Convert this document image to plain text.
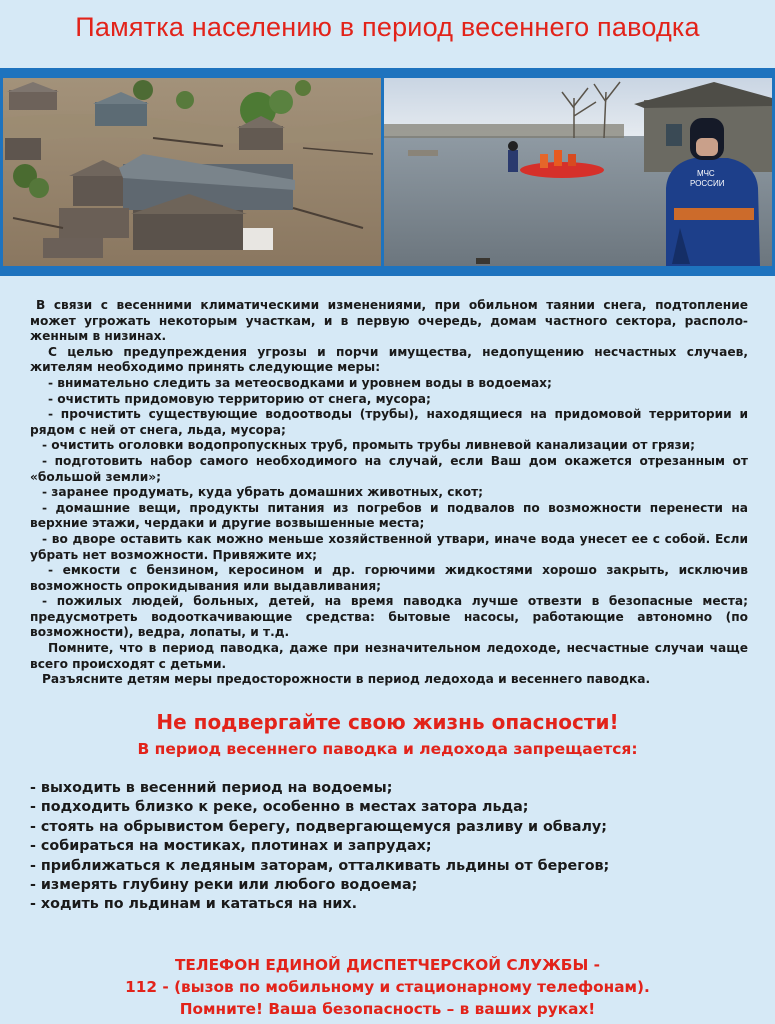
Памятка населению в период весеннего паводка
МЧС
РОССИИ

В связи с весенними климатическими изменениями, при обильном таянии снега, подтопление может угрожать некоторым участкам, и в первую очередь, домам частного сектора, располо-женным в низинах.

С целью предупреждения угрозы и порчи имущества, недопущению несчастных случаев, жителям необходимо принять следующие меры:

- внимательно следить за метеосводками и уровнем воды в водоемах;

- очистить придомовую территорию от снега, мусора;

- прочистить существующие водоотводы (трубы), находящиеся на придомовой территории и рядом с ней от снега, льда, мусора;

- очистить оголовки водопропускных труб, промыть трубы ливневой канализации от грязи;

- подготовить набор самого необходимого на случай, если Ваш дом окажется отрезанным от «большой земли»;

- заранее продумать, куда убрать домашних животных, скот;

- домашние вещи, продукты питания из погребов и подвалов по возможности перенести на верхние этажи, чердаки и другие возвышенные места;

- во дворе оставить как можно меньше хозяйственной утвари, иначе вода унесет ее с собой. Если убрать нет возможности. Привяжите их;

- емкости с бензином, керосином и др. горючими жидкостями хорошо закрыть, исключив возможность опрокидывания или выдавливания;

- пожилых людей, больных, детей, на время паводка лучше отвезти в безопасные места; предусмотреть водооткачивающие средства: бытовые насосы, работающие автономно (по возможности), ведра, лопаты, и т.д.

Помните, что в период паводка, даже при незначительном ледоходе, несчастные случаи чаще всего происходят с детьми.

Разъясните детям меры предосторожности в период ледохода и весеннего паводка.

Не подвергайте свою жизнь опасности!
В период весеннего паводка и ледохода запрещается:
- выходить в весенний период на водоемы;
- подходить близко к реке, особенно в местах затора льда;
- стоять на обрывистом берегу, подвергающемуся разливу и обвалу;
- собираться на мостиках, плотинах и запрудах;
- приближаться к ледяным заторам, отталкивать льдины от берегов;
- измерять глубину реки или любого водоема;
- ходить по льдинам и кататься на них.
ТЕЛЕФОН ЕДИНОЙ ДИСПЕТЧЕРСКОЙ СЛУЖБЫ -
112 - (вызов по мобильному и стационарному телефонам).
Помните! Ваша безопасность – в ваших руках!
